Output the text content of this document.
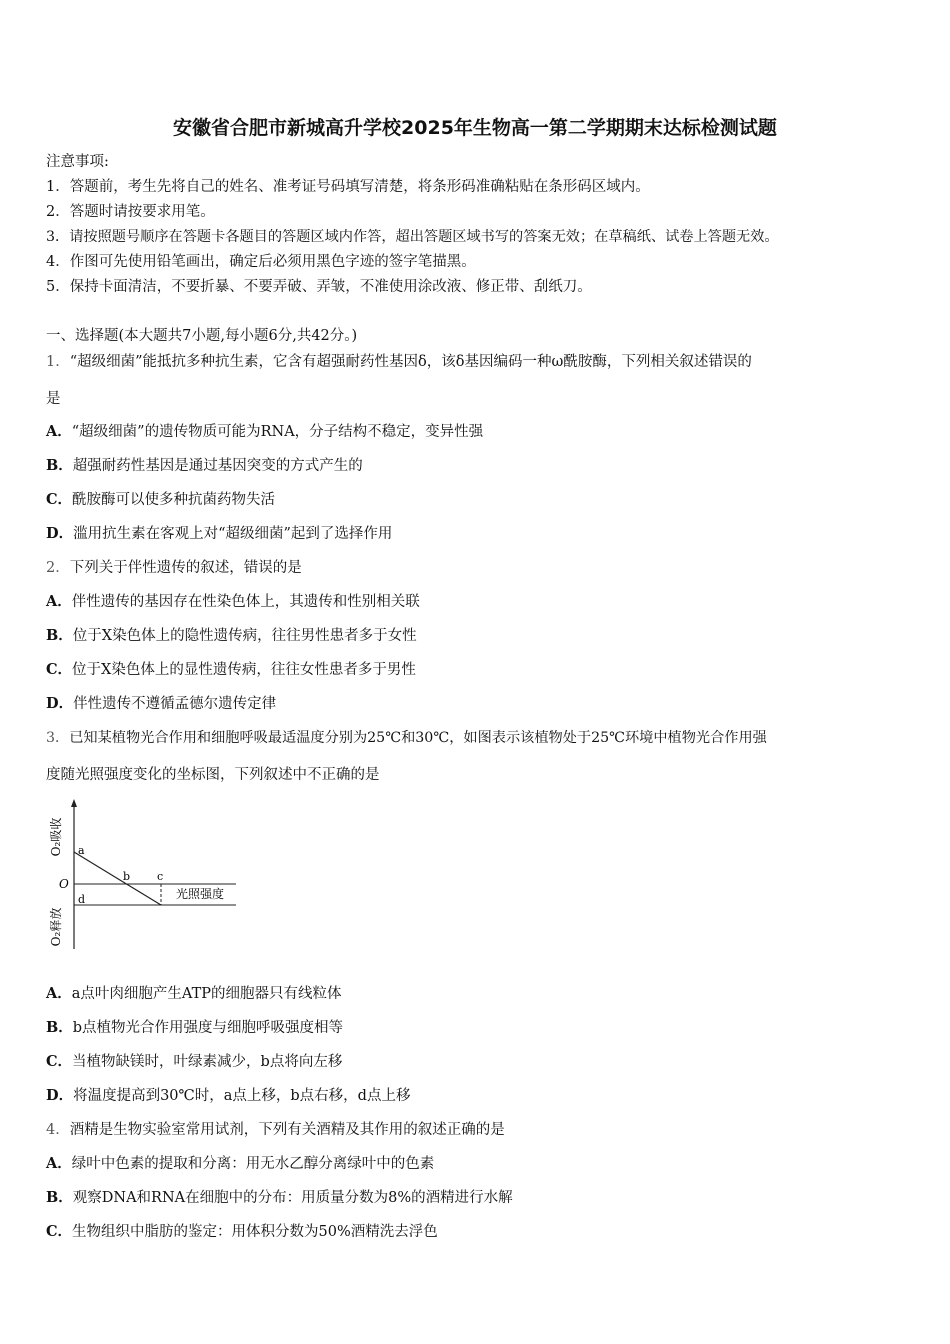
安徽省合肥市新城高升学校2025年生物高一第二学期期末达标检测试题
注意事项:
1．答题前，考生先将自己的姓名、准考证号码填写清楚，将条形码准确粘贴在条形码区域内。
2．答题时请按要求用笔。
3．请按照题号顺序在答题卡各题目的答题区域内作答，超出答题区域书写的答案无效；在草稿纸、试卷上答题无效。
4．作图可先使用铅笔画出，确定后必须用黑色字迹的签字笔描黑。
5．保持卡面清洁，不要折暴、不要弄破、弄皱，不准使用涂改液、修正带、刮纸刀。
一、选择题(本大题共7小题,每小题6分,共42分。)
1．“超级细菌”能抵抗多种抗生素，它含有超强耐药性基因δ，该δ基因编码一种ω酰胺酶，下列相关叙述错误的
是
A．“超级细菌”的遗传物质可能为RNA，分子结构不稳定，变异性强
B．超强耐药性基因是通过基因突变的方式产生的
C．酰胺酶可以使多种抗菌药物失活
D．滥用抗生素在客观上对“超级细菌”起到了选择作用
2．下列关于伴性遗传的叙述，错误的是
A．伴性遗传的基因存在性染色体上，其遗传和性别相关联
B．位于X染色体上的隐性遗传病，往往男性患者多于女性
C．位于X染色体上的显性遗传病，往往女性患者多于男性
D．伴性遗传不遵循孟德尔遗传定律
3．已知某植物光合作用和细胞呼吸最适温度分别为25℃和30℃，如图表示该植物处于25℃环境中植物光合作用强
度随光照强度变化的坐标图，下列叙述中不正确的是
O₂吸收
O₂释放
O
a
b c
d	光照强度
A．a点叶肉细胞产生ATP的细胞器只有线粒体
B．b点植物光合作用强度与细胞呼吸强度相等
C．当植物缺镁时，叶绿素减少，b点将向左移
D．将温度提高到30℃时，a点上移，b点右移，d点上移
4．酒精是生物实验室常用试剂，下列有关酒精及其作用的叙述正确的是
A．绿叶中色素的提取和分离：用无水乙醇分离绿叶中的色素
B．观察DNA和RNA在细胞中的分布：用质量分数为8%的酒精进行水解
C．生物组织中脂肪的鉴定：用体积分数为50%酒精洗去浮色
